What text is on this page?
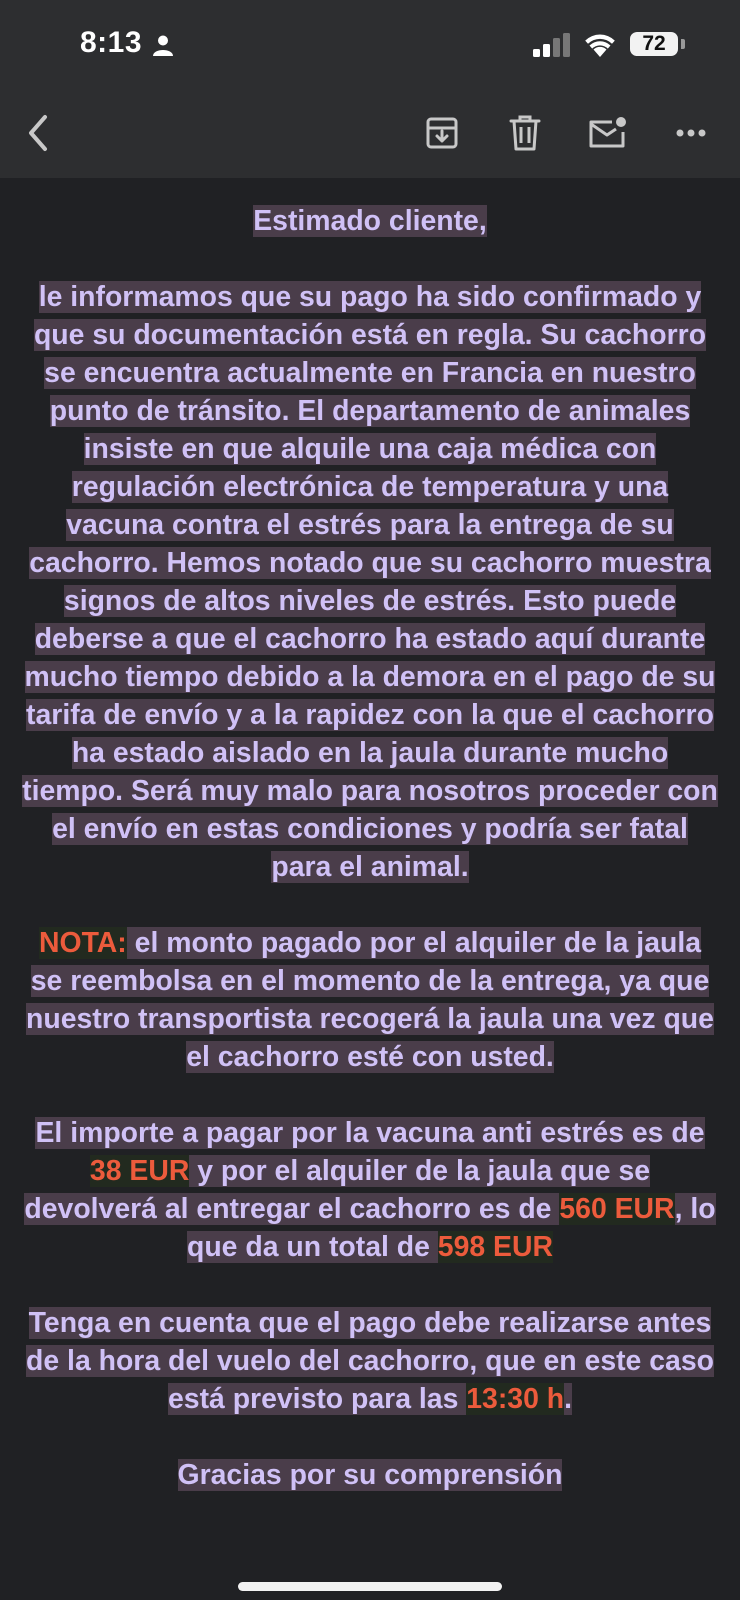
8:13	72

Estimado cliente,

le informamos que su pago ha sido confirmado y que su documentación está en regla. Su cachorro se encuentra actualmente en Francia en nuestro punto de tránsito. El departamento de animales insiste en que alquile una caja médica con regulación electrónica de temperatura y una vacuna contra el estrés para la entrega de su cachorro. Hemos notado que su cachorro muestra signos de altos niveles de estrés. Esto puede deberse a que el cachorro ha estado aquí durante mucho tiempo debido a la demora en el pago de su tarifa de envío y a la rapidez con la que el cachorro ha estado aislado en la jaula durante mucho tiempo. Será muy malo para nosotros proceder con el envío en estas condiciones y podría ser fatal para el animal.

NOTA: el monto pagado por el alquiler de la jaula se reembolsa en el momento de la entrega, ya que nuestro transportista recogerá la jaula una vez que el cachorro esté con usted.

El importe a pagar por la vacuna anti estrés es de 38 EUR y por el alquiler de la jaula que se devolverá al entregar el cachorro es de 560 EUR, lo que da un total de 598 EUR

Tenga en cuenta que el pago debe realizarse antes de la hora del vuelo del cachorro, que en este caso está previsto para las 13:30 h.

Gracias por su comprensión
